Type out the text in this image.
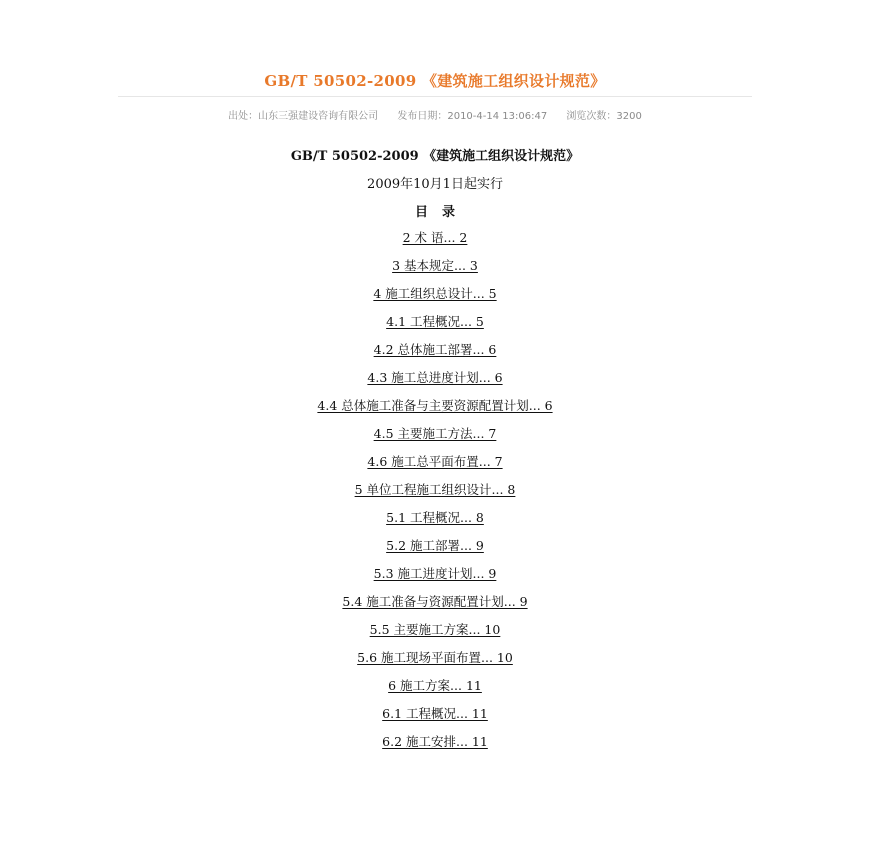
GB/T 50502-2009 《建筑施工组织设计规范》
出处：山东三强建设咨询有限公司 发布日期：2010-4-14 13:06:47 浏览次数：3200
GB/T 50502-2009 《建筑施工组织设计规范》
2009年10月1日起实行
目录
2 术 语... 2
3 基本规定... 3
4 施工组织总设计... 5
4.1 工程概况... 5
4.2 总体施工部署... 6
4.3 施工总进度计划... 6
4.4 总体施工准备与主要资源配置计划... 6
4.5 主要施工方法... 7
4.6 施工总平面布置... 7
5 单位工程施工组织设计... 8
5.1 工程概况... 8
5.2 施工部署... 9
5.3 施工进度计划... 9
5.4 施工准备与资源配置计划... 9
5.5 主要施工方案... 10
5.6 施工现场平面布置... 10
6 施工方案... 11
6.1 工程概况... 11
6.2 施工安排... 11
